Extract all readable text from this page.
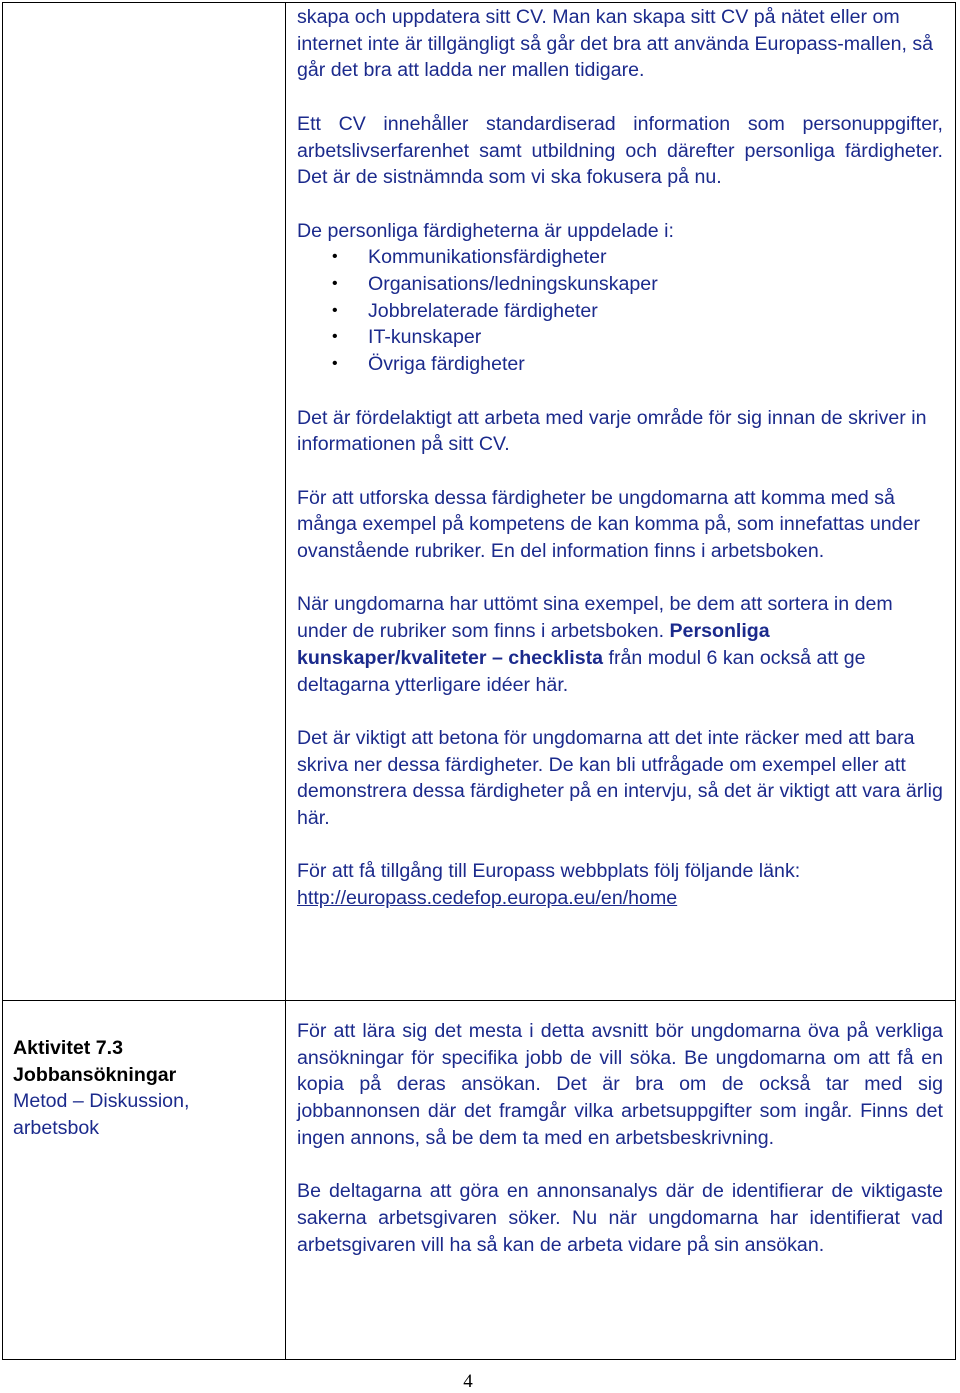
skapa och uppdatera sitt CV. Man kan skapa sitt CV på nätet eller om internet inte är tillgängligt så går det bra att använda Europass-mallen, så går det bra att ladda ner mallen tidigare.

Ett CV innehåller standardiserad information som personuppgifter, arbetslivserfarenhet samt utbildning och därefter personliga färdigheter. Det är de sistnämnda som vi ska fokusera på nu.

De personliga färdigheterna är uppdelade i:

• Kommunikationsfärdigheter
• Organisations/ledningskunskaper
• Jobbrelaterade färdigheter
• IT-kunskaper
• Övriga färdigheter

Det är fördelaktigt att arbeta med varje område för sig innan de skriver in informationen på sitt CV.

För att utforska dessa färdigheter be ungdomarna att komma med så många exempel på kompetens de kan komma på, som innefattas under ovanstående rubriker. En del information finns i arbetsboken.

När ungdomarna har uttömt sina exempel, be dem att sortera in dem under de rubriker som finns i arbetsboken. Personliga kunskaper/kvaliteter – checklista från modul 6 kan också att ge deltagarna ytterligare idéer här.

Det är viktigt att betona för ungdomarna att det inte räcker med att bara skriva ner dessa färdigheter. De kan bli utfrågade om exempel eller att demonstrera dessa färdigheter på en intervju, så det är viktigt att vara ärlig här.

För att få tillgång till Europass webbplats följ följande länk:
http://europass.cedefop.europa.eu/en/home

Aktivitet 7.3
Jobbansökningar
Metod – Diskussion, arbetsbok

För att lära sig det mesta i detta avsnitt bör ungdomarna öva på verkliga ansökningar för specifika jobb de vill söka. Be ungdomarna om att få en kopia på deras ansökan. Det är bra om de också tar med sig jobbannonsen där det framgår vilka arbetsuppgifter som ingår. Finns det ingen annons, så be dem ta med en arbetsbeskrivning.

Be deltagarna att göra en annonsanalys där de identifierar de viktigaste sakerna arbetsgivaren söker. Nu när ungdomarna har identifierat vad arbetsgivaren vill ha så kan de arbeta vidare på sin ansökan.

4
